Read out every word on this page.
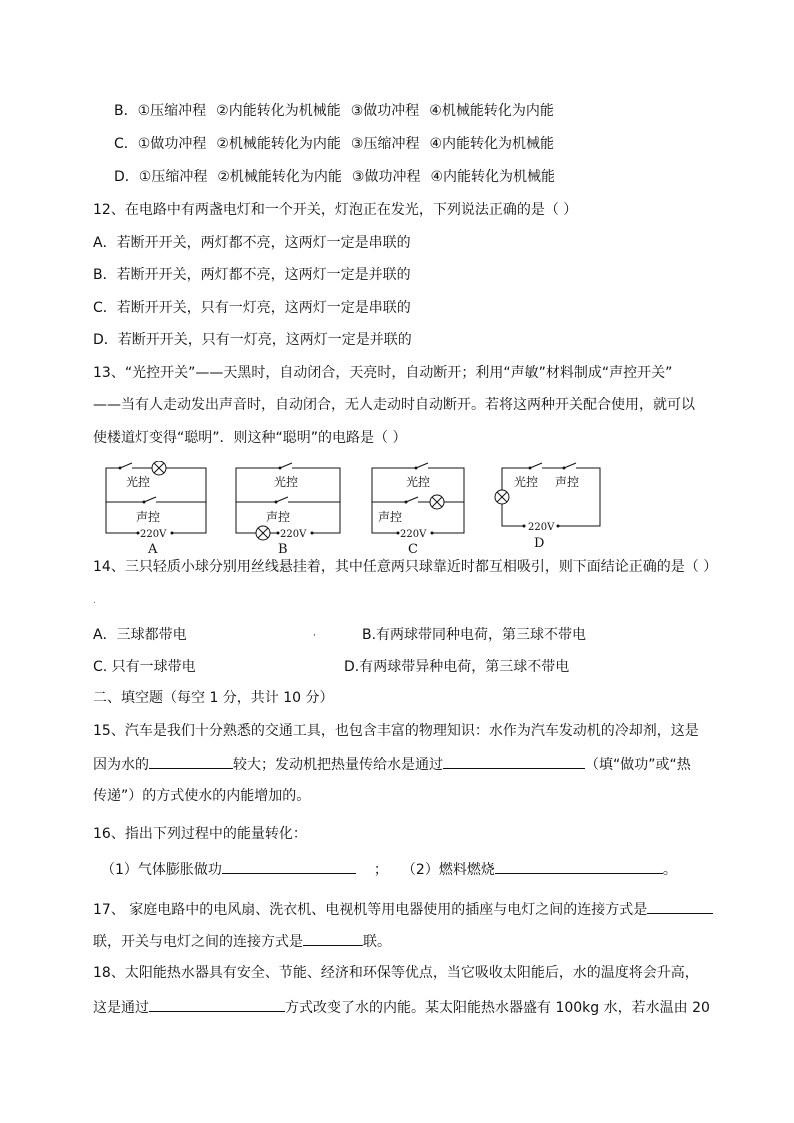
B．①压缩冲程 ②内能转化为机械能 ③做功冲程 ④机械能转化为内能
C．①做功冲程 ②机械能转化为内能 ③压缩冲程 ④内能转化为机械能
D．①压缩冲程 ②机械能转化为内能 ③做功冲程 ④内能转化为机械能
12、在电路中有两盏电灯和一个开关，灯泡正在发光，下列说法正确的是（ ）
A．若断开开关，两灯都不亮，这两灯一定是串联的
B．若断开开关，两灯都不亮，这两灯一定是并联的
C．若断开开关，只有一灯亮，这两灯一定是串联的
D．若断开开关，只有一灯亮，这两灯一定是并联的
13、“光控开关”——天黑时，自动闭合，天亮时，自动断开；利用“声敏”材料制成“声控开关”
——当有人走动发出声音时，自动闭合，无人走动时自动断开。若将这两种开关配合使用，就可以
使楼道灯变得“聪明”．则这种“聪明”的电路是（ ）
光控
声控
220V
A
光控
声控
220V
B
光控
声控
220V
C
光控 声控
220V
D
14、三只轻质小球分别用丝线悬挂着，其中任意两只球靠近时都互相吸引，则下面结论正确的是（ ）
.
A．三球都带电	,	B.有两球带同种电荷，第三球不带电
C. 只有一球带电	D.有两球带异种电荷，第三球不带电
二、填空题（每空 1 分，共计 10 分）
15、汽车是我们十分熟悉的交通工具，也包含丰富的物理知识：水作为汽车发动机的冷却剂，这是
因为水的	较大；发动机把热量传给水是通过	（填“做功”或“热
传递”）的方式使水的内能增加的。
16、指出下列过程中的能量转化：
（1）气体膨胀做功	； （2）燃料燃烧	。
17、 家庭电路中的电风扇、洗衣机、电视机等用电器使用的插座与电灯之间的连接方式是
联，开关与电灯之间的连接方式是	联。
18、太阳能热水器具有安全、节能、经济和环保等优点，当它吸收太阳能后，水的温度将会升高，
这是通过	方式改变了水的内能。某太阳能热水器盛有 100kg 水，若水温由 20
